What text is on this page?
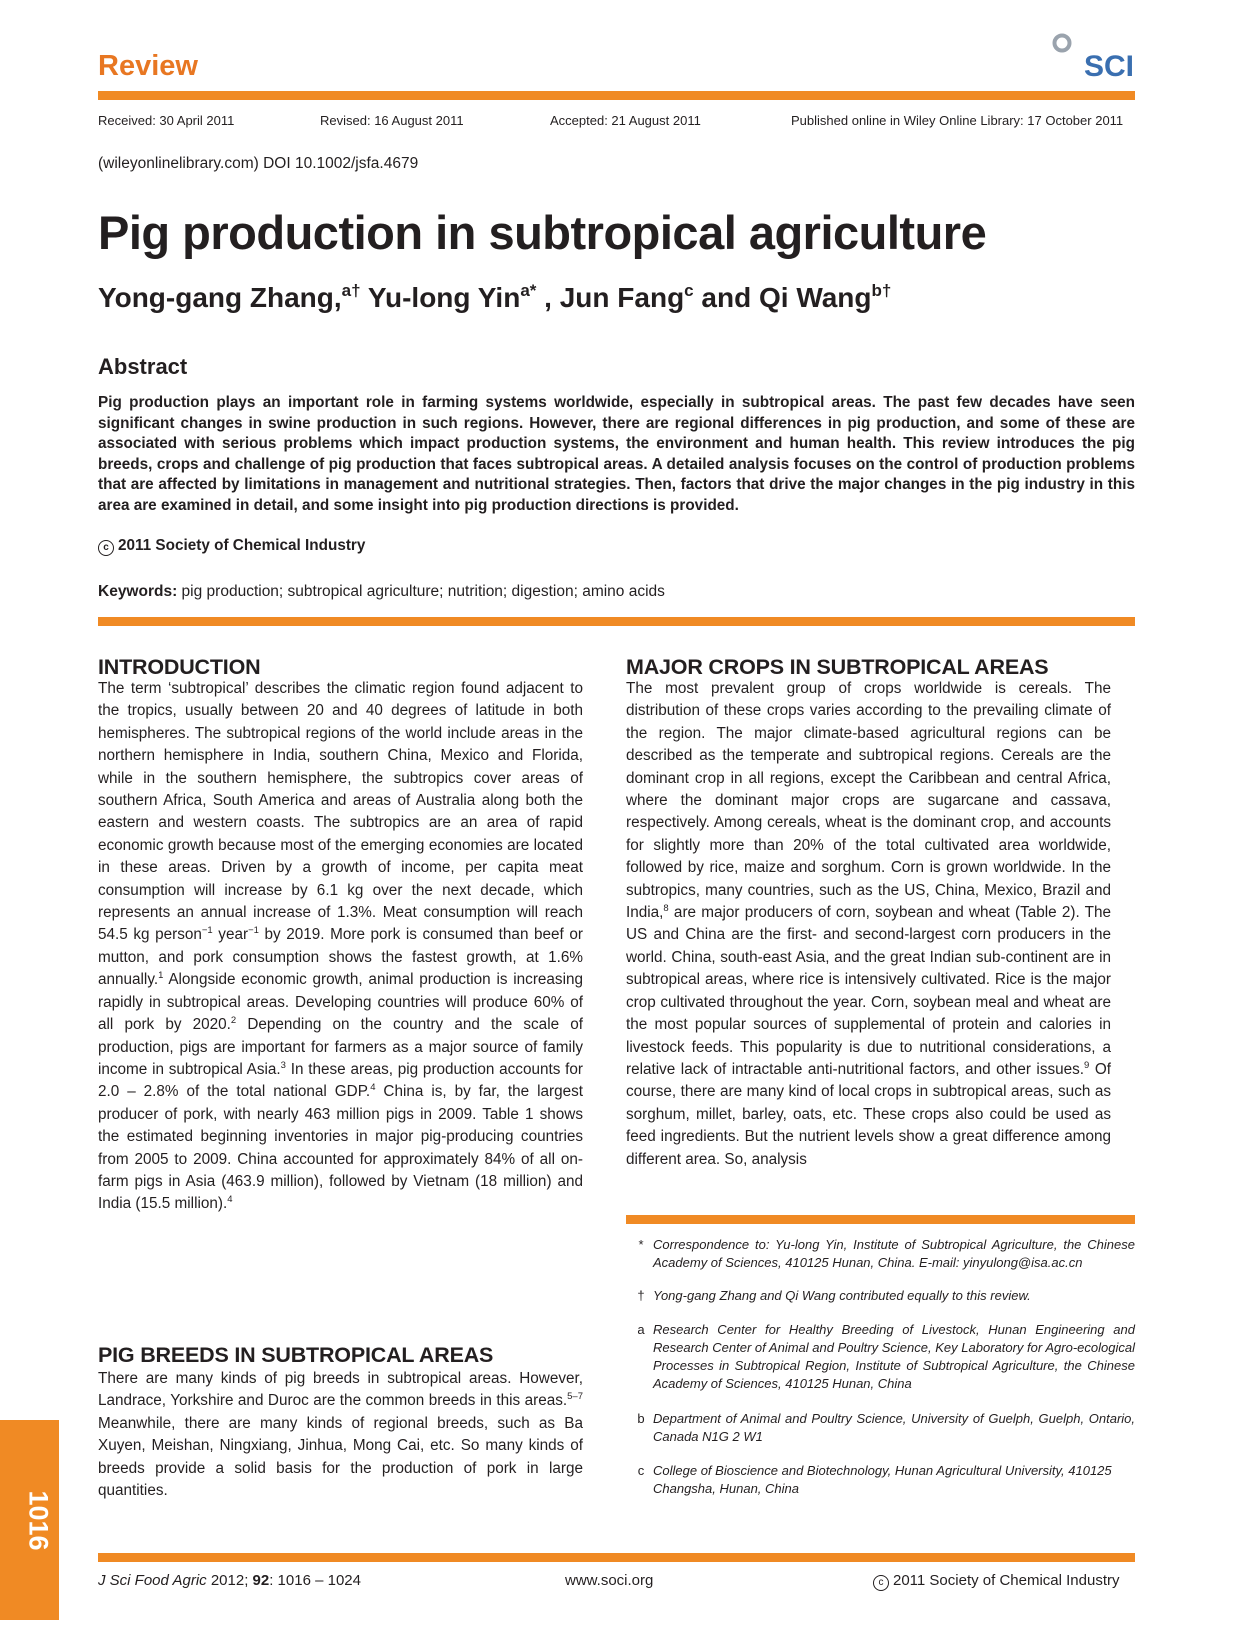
Review	SCI
Received: 30 April 2011	Revised: 16 August 2011	Accepted: 21 August 2011	Published online in Wiley Online Library: 17 October 2011
(wileyonlinelibrary.com) DOI 10.1002/jsfa.4679
Pig production in subtropical agriculture
Yong-gang Zhang,$^{a\dagger}$ Yu-long Yin$^{a*}$ , Jun Fang$^c$ and Qi Wang$^{b\dagger}$
Abstract
Pig production plays an important role in farming systems worldwide, especially in subtropical areas. The past few decades have seen significant changes in swine production in such regions. However, there are regional differences in pig production, and some of these are associated with serious problems which impact production systems, the environment and human health. This review introduces the pig breeds, crops and challenge of pig production that faces subtropical areas. A detailed analysis focuses on the control of production problems that are affected by limitations in management and nutritional strategies. Then, factors that drive the major changes in the pig industry in this area are examined in detail, and some insight into pig production directions is provided.
c 2011 Society of Chemical Industry
Keywords: pig production; subtropical agriculture; nutrition; digestion; amino acids
INTRODUCTION
The term ‘subtropical’ describes the climatic region found adjacent to the tropics, usually between 20 and 40 degrees of latitude in both hemispheres. The subtropical regions of the world include areas in the northern hemisphere in India, southern China, Mexico and Florida, while in the southern hemisphere, the subtropics cover areas of southern Africa, South America and areas of Australia along both the eastern and western coasts. The subtropics are an area of rapid economic growth because most of the emerging economies are located in these areas. Driven by a growth of income, per capita meat consumption will increase by 6.1 kg over the next decade, which represents an annual increase of 1.3%. Meat consumption will reach 54.5 kg person$^{-1}$ year$^{-1}$ by 2019. More pork is consumed than beef or mutton, and pork consumption shows the fastest growth, at 1.6% annually.$^1$ Alongside economic growth, animal production is increasing rapidly in subtropical areas. Developing countries will produce 60% of all pork by 2020.$^2$ Depending on the country and the scale of production, pigs are important for farmers as a major source of family income in subtropical Asia.$^3$ In these areas, pig production accounts for 2.0 – 2.8% of the total national GDP.$^4$ China is, by far, the largest producer of pork, with nearly 463 million pigs in 2009. Table 1 shows the estimated beginning inventories in major pig-producing countries from 2005 to 2009. China accounted for approximately 84% of all on-farm pigs in Asia (463.9 million), followed by Vietnam (18 million) and India (15.5 million).$^4$
PIG BREEDS IN SUBTROPICAL AREAS
There are many kinds of pig breeds in subtropical areas. However, Landrace, Yorkshire and Duroc are the common breeds in this areas.$^{5-7}$ Meanwhile, there are many kinds of regional breeds, such as Ba Xuyen, Meishan, Ningxiang, Jinhua, Mong Cai, etc. So many kinds of breeds provide a solid basis for the production of pork in large quantities.
MAJOR CROPS IN SUBTROPICAL AREAS
The most prevalent group of crops worldwide is cereals. The distribution of these crops varies according to the prevailing climate of the region. The major climate-based agricultural regions can be described as the temperate and subtropical regions. Cereals are the dominant crop in all regions, except the Caribbean and central Africa, where the dominant major crops are sugarcane and cassava, respectively. Among cereals, wheat is the dominant crop, and accounts for slightly more than 20% of the total cultivated area worldwide, followed by rice, maize and sorghum. Corn is grown worldwide. In the subtropics, many countries, such as the US, China, Mexico, Brazil and India,$^8$ are major producers of corn, soybean and wheat (Table 2). The US and China are the first- and second-largest corn producers in the world. China, south-east Asia, and the great Indian sub-continent are in subtropical areas, where rice is intensively cultivated. Rice is the major crop cultivated throughout the year. Corn, soybean meal and wheat are the most popular sources of supplemental of protein and calories in livestock feeds. This popularity is due to nutritional considerations, a relative lack of intractable anti-nutritional factors, and other issues.$^9$ Of course, there are many kind of local crops in subtropical areas, such as sorghum, millet, barley, oats, etc. These crops also could be used as feed ingredients. But the nutrient levels show a great difference among different area. So, analysis
* Correspondence to: Yu-long Yin, Institute of Subtropical Agriculture, the Chinese Academy of Sciences, 410125 Hunan, China. E-mail: yinyulong@isa.ac.cn
† Yong-gang Zhang and Qi Wang contributed equally to this review.
a Research Center for Healthy Breeding of Livestock, Hunan Engineering and Research Center of Animal and Poultry Science, Key Laboratory for Agro-ecological Processes in Subtropical Region, Institute of Subtropical Agriculture, the Chinese Academy of Sciences, 410125 Hunan, China
b Department of Animal and Poultry Science, University of Guelph, Guelph, Ontario, Canada N1G 2 W1
c College of Bioscience and Biotechnology, Hunan Agricultural University, 410125 Changsha, Hunan, China
1016
J Sci Food Agric 2012; 92: 1016 – 1024	www.soci.org	c 2011 Society of Chemical Industry
